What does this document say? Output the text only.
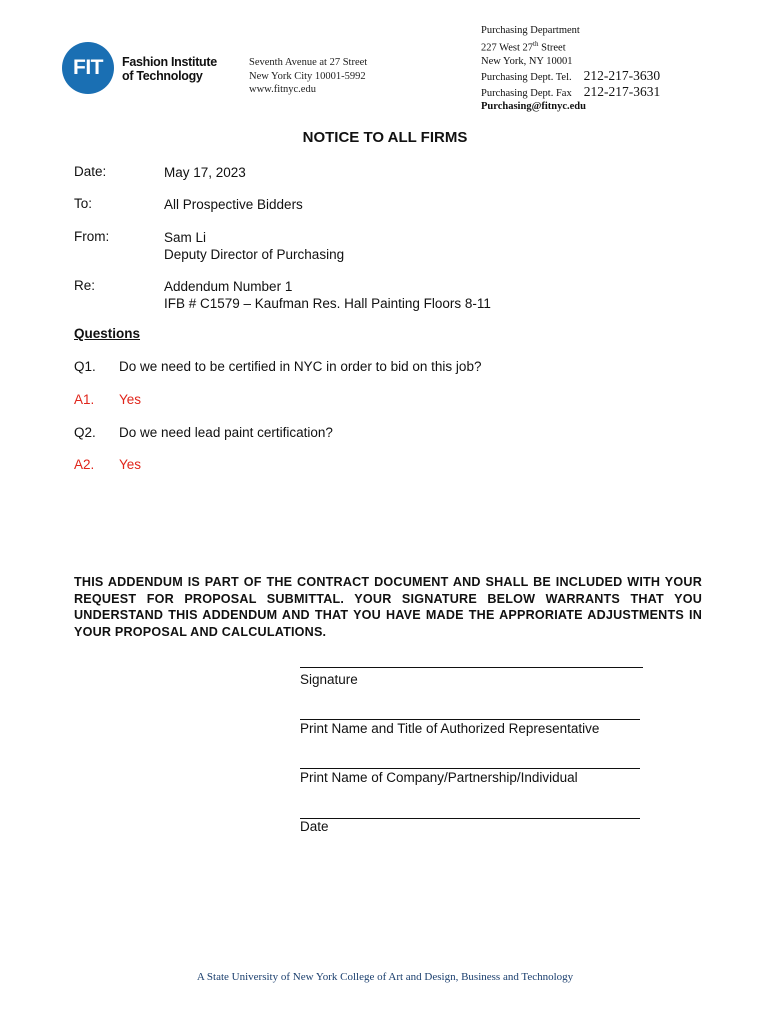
FIT Fashion Institute
of Technology
Seventh Avenue at 27 Street
New York City 10001-5992
www.fitnyc.edu
Purchasing Department
227 West 27th Street
New York, NY 10001
Purchasing Dept. Tel. 212-217-3630
Purchasing Dept. Fax 212-217-3631
Purchasing@fitnyc.edu
NOTICE TO ALL FIRMS
Date:	May 17, 2023
To:	All Prospective Bidders
From:	Sam Li
Deputy Director of Purchasing
Re:	Addendum Number 1
IFB # C1579 – Kaufman Res. Hall Painting Floors 8-11
Questions
Q1. Do we need to be certified in NYC in order to bid on this job?
A1. Yes
Q2. Do we need lead paint certification?
A2. Yes
THIS ADDENDUM IS PART OF THE CONTRACT DOCUMENT AND SHALL BE INCLUDED WITH YOUR REQUEST FOR PROPOSAL SUBMITTAL. YOUR SIGNATURE BELOW WARRANTS THAT YOU UNDERSTAND THIS ADDENDUM AND THAT YOU HAVE MADE THE APPRORIATE ADJUSTMENTS IN YOUR PROPOSAL AND CALCULATIONS.
Signature
Print Name and Title of Authorized Representative
Print Name of Company/Partnership/Individual
Date
A State University of New York College of Art and Design, Business and Technology
